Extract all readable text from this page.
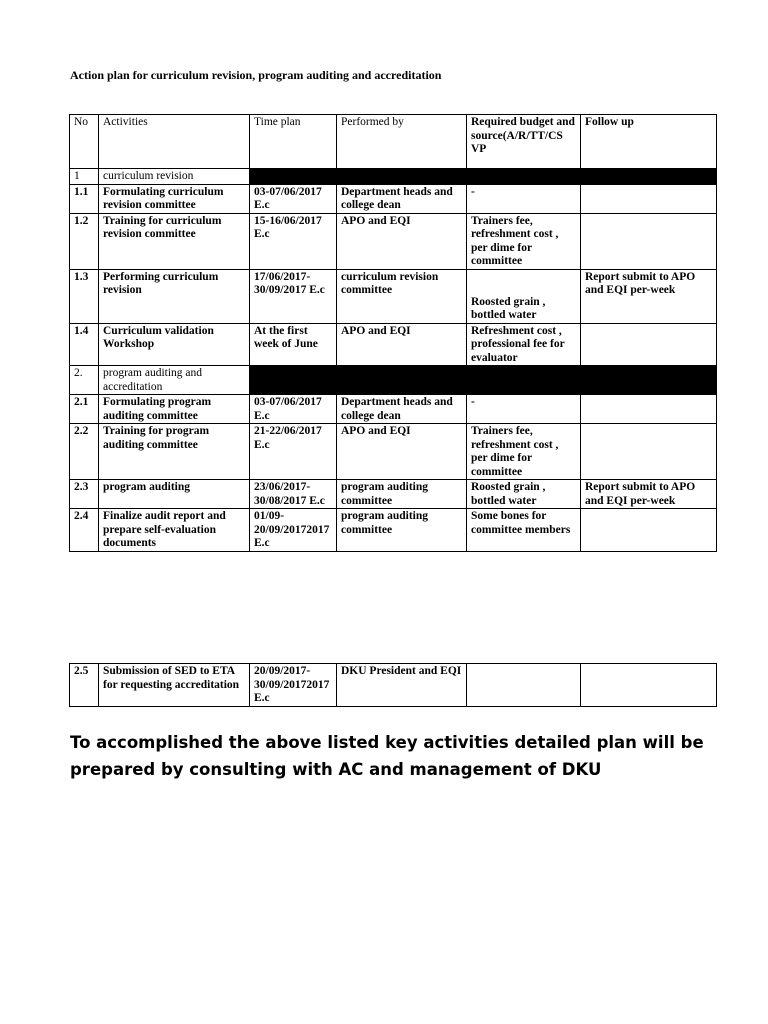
Action plan for curriculum revision, program auditing and accreditation
No	Activities	Time plan	Performed by	Required budget and source(A/R/TT/CS VP	Follow up
1	curriculum revision				
1.1	Formulating curriculum revision committee	03-07/06/2017 E.c	Department heads and college dean	-	
1.2	Training for curriculum revision committee	15-16/06/2017 E.c	APO and EQI	Trainers fee, refreshment cost , per dime for committee	
1.3	Performing curriculum revision	17/06/2017-30/09/2017 E.c	curriculum revision committee	Roosted grain , bottled water	Report submit to APO and EQI per-week
1.4	Curriculum validation Workshop	At the first week of June	APO and EQI	Refreshment cost , professional fee for evaluator	
2.	program auditing and accreditation				
2.1	Formulating program auditing committee	03-07/06/2017 E.c	Department heads and college dean	-	
2.2	Training for program auditing committee	21-22/06/2017 E.c	APO and EQI	Trainers fee, refreshment cost , per dime for committee	
2.3	program auditing	23/06/2017-30/08/2017 E.c	program auditing committee	Roosted grain , bottled water	Report submit to APO and EQI per-week
2.4	Finalize audit report and prepare self-evaluation documents	01/09-20/09/20172017 E.c	program auditing committee	Some bones for committee members	
2.5	Submission of SED to ETA for requesting accreditation	20/09/2017-30/09/20172017 E.c	DKU President and EQI		
To accomplished the above listed key activities detailed plan will be prepared by consulting with AC and management of DKU
